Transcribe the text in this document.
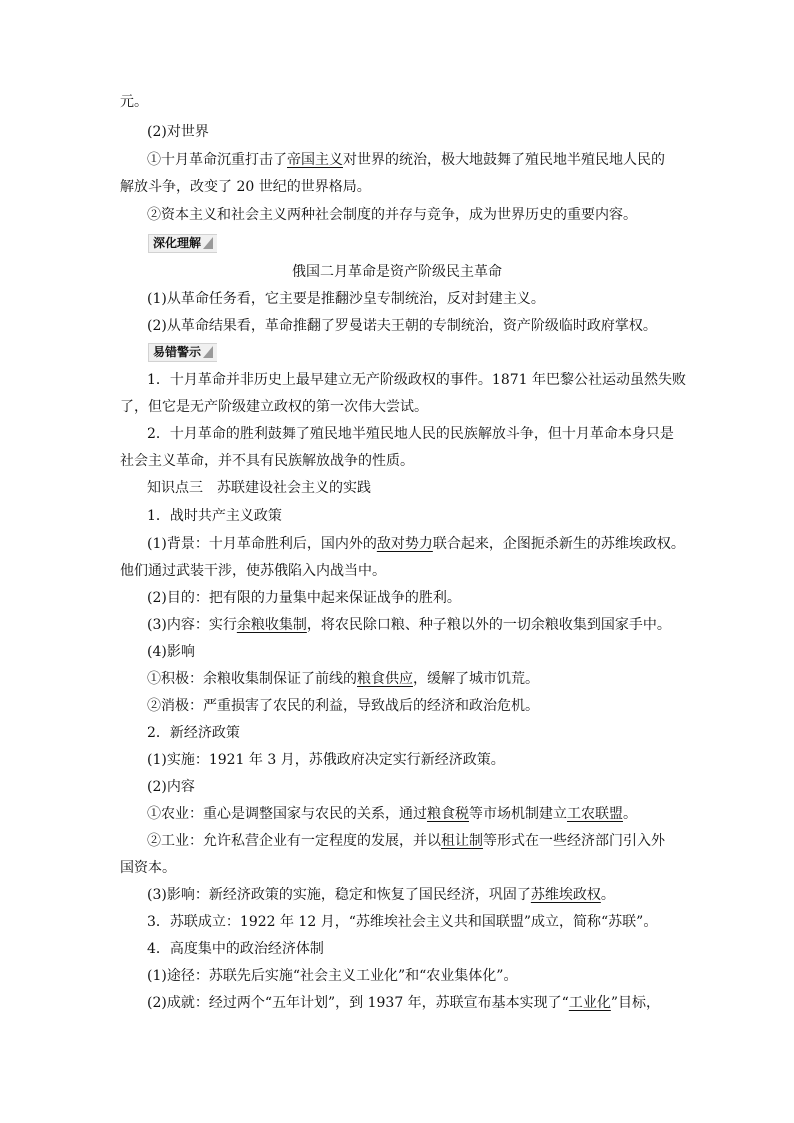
元。
(2)对世界
①十月革命沉重打击了帝国主义对世界的统治，极大地鼓舞了殖民地半殖民地人民的
解放斗争，改变了 20 世纪的世界格局。
②资本主义和社会主义两种社会制度的并存与竞争，成为世界历史的重要内容。
深化理解
俄国二月革命是资产阶级民主革命
(1)从革命任务看，它主要是推翻沙皇专制统治，反对封建主义。
(2)从革命结果看，革命推翻了罗曼诺夫王朝的专制统治，资产阶级临时政府掌权。
易错警示
1．十月革命并非历史上最早建立无产阶级政权的事件。1871 年巴黎公社运动虽然失败
了，但它是无产阶级建立政权的第一次伟大尝试。
2．十月革命的胜利鼓舞了殖民地半殖民地人民的民族解放斗争，但十月革命本身只是
社会主义革命，并不具有民族解放战争的性质。
知识点三　苏联建设社会主义的实践
1．战时共产主义政策
(1)背景：十月革命胜利后，国内外的敌对势力联合起来，企图扼杀新生的苏维埃政权。
他们通过武装干涉，使苏俄陷入内战当中。
(2)目的：把有限的力量集中起来保证战争的胜利。
(3)内容：实行余粮收集制，将农民除口粮、种子粮以外的一切余粮收集到国家手中。
(4)影响
①积极：余粮收集制保证了前线的粮食供应，缓解了城市饥荒。
②消极：严重损害了农民的利益，导致战后的经济和政治危机。
2．新经济政策
(1)实施：1921 年 3 月，苏俄政府决定实行新经济政策。
(2)内容
①农业：重心是调整国家与农民的关系，通过粮食税等市场机制建立工农联盟。
②工业：允许私营企业有一定程度的发展，并以租让制等形式在一些经济部门引入外
国资本。
(3)影响：新经济政策的实施，稳定和恢复了国民经济，巩固了苏维埃政权。
3．苏联成立：1922 年 12 月，“苏维埃社会主义共和国联盟”成立，简称“苏联”。
4．高度集中的政治经济体制
(1)途径：苏联先后实施“社会主义工业化”和“农业集体化”。
(2)成就：经过两个“五年计划”，到 1937 年，苏联宣布基本实现了“工业化”目标，
